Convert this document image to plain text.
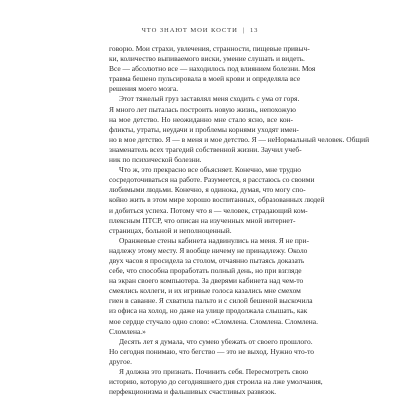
ЧТО ЗНАЮТ МОИ КОСТИ | 13
говорю. Мои страхи, увлечения, странности, пищевые привыч-
ки, количество выпиваемого виски, умение слушать и видеть.
Все — абсолютно все — находилось под влиянием болезни. Моя
травма бешено пульсировала в моей крови и определяла все
решения моего мозга.
Этот тяжелый груз заставлял меня сходить с ума от горя.
Я много лет пыталась построить новую жизнь, непохожую
на мое детство. Но неожиданно мне стало ясно, все кон-
фликты, утраты, неудачи и проблемы корнями уходят имен-
но в мое детство. Я — в меня и мое детство. Я — неНормальный человек. Общий
знаменатель всех трагедий собственной жизни. Заучил учеб-
ник по психической болезни.
Что ж, это прекрасно все объясняет. Конечно, мне трудно
сосредоточиваться на работе. Разумеется, я расстаюсь со своими
любимыми людьми. Конечно, я одинока, думая, что могу спо-
койно жить в этом мире хорошо воспитанных, образованных людей
и добиться успеха. Потому что я — человек, страдающий ком-
плексным ПТСР, что описан на изученных мной интернет-
страницах, больной и неполноценный.
Оранжевые стены кабинета надвинулись на меня. Я не при-
надлежу этому месту. Я вообще ничему не принадлежу. Около
двух часов я просидела за столом, отчаянно пытаясь доказать
себе, что способна проработать полный день, но при взгляде
на экран своего компьютера. За дверями кабинета над чем-то
смеялись коллеги, и их игривые голоса казались мне смехом
гиен в саванне. Я схватила пальто и с силой бешеной выскочила
из офиса на холод, но даже на улице продолжала слышать, как
мое сердце стучало одно слово: «Сломлена. Сломлена. Сломлена.
Сломлена.»
Десять лет я думала, что сумею убежать от своего прошлого.
Но сегодня понимаю, что бегство — это не выход. Нужно что-то
другое.
Я должна это признать. Починить себя. Пересмотреть свою
историю, которую до сегодняшнего дня строила на лже умолчания,
перфекционизма и фальшивых счастливых развязок.
